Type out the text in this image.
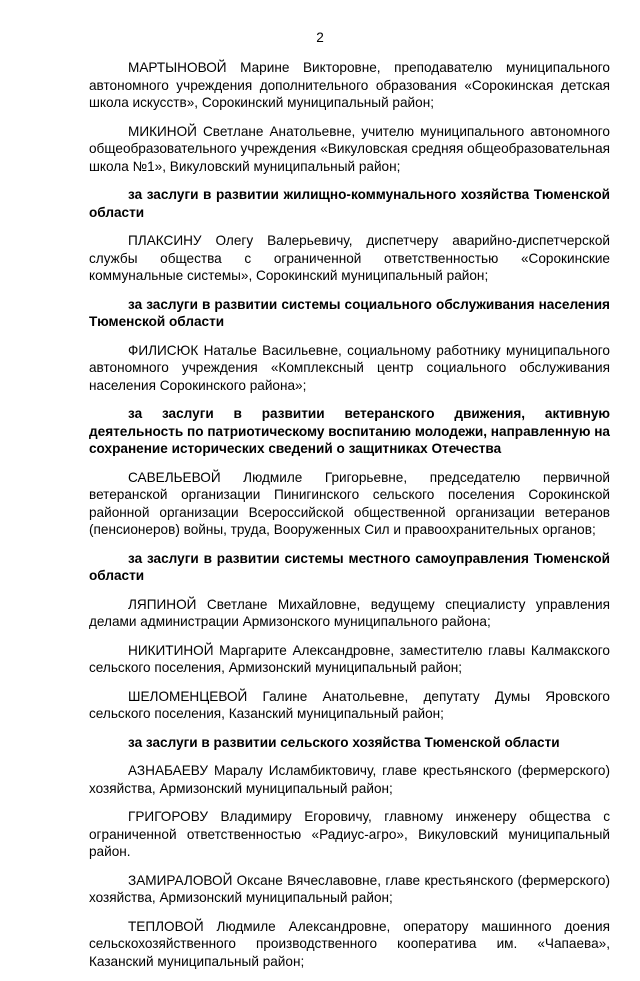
2

МАРТЫНОВОЙ Марине Викторовне, преподавателю муниципального автономного учреждения дополнительного образования «Сорокинская детская школа искусств», Сорокинский муниципальный район;

МИКИНОЙ Светлане Анатольевне, учителю муниципального автономного общеобразовательного учреждения «Викуловская средняя общеобразовательная школа №1», Викуловский муниципальный район;

за заслуги в развитии жилищно-коммунального хозяйства Тюменской области

ПЛАКСИНУ Олегу Валерьевичу, диспетчеру аварийно-диспетчерской службы общества с ограниченной ответственностью «Сорокинские коммунальные системы», Сорокинский муниципальный район;

за заслуги в развитии системы социального обслуживания населения Тюменской области

ФИЛИСЮК Наталье Васильевне, социальному работнику муниципального автономного учреждения «Комплексный центр социального обслуживания населения Сорокинского района»;

за заслуги в развитии ветеранского движения, активную деятельность по патриотическому воспитанию молодежи, направленную на сохранение исторических сведений о защитниках Отечества

САВЕЛЬЕВОЙ Людмиле Григорьевне, председателю первичной ветеранской организации Пинигинского сельского поселения Сорокинской районной организации Всероссийской общественной организации ветеранов (пенсионеров) войны, труда, Вооруженных Сил и правоохранительных органов;

за заслуги в развитии системы местного самоуправления Тюменской области

ЛЯПИНОЙ Светлане Михайловне, ведущему специалисту управления делами администрации Армизонского муниципального района;

НИКИТИНОЙ Маргарите Александровне, заместителю главы Калмакского сельского поселения, Армизонский муниципальный район;

ШЕЛОМЕНЦЕВОЙ Галине Анатольевне, депутату Думы Яровского сельского поселения, Казанский муниципальный район;

за заслуги в развитии сельского хозяйства Тюменской области

АЗНАБАЕВУ Маралу Исламбиктовичу, главе крестьянского (фермерского) хозяйства, Армизонский муниципальный район;

ГРИГОРОВУ Владимиру Егоровичу, главному инженеру общества с ограниченной ответственностью «Радиус-агро», Викуловский муниципальный район.

ЗАМИРАЛОВОЙ Оксане Вячеславовне, главе крестьянского (фермерского) хозяйства, Армизонский муниципальный район;

ТЕПЛОВОЙ Людмиле Александровне, оператору машинного доения сельскохозяйственного производственного кооператива им. «Чапаева», Казанский муниципальный район;
